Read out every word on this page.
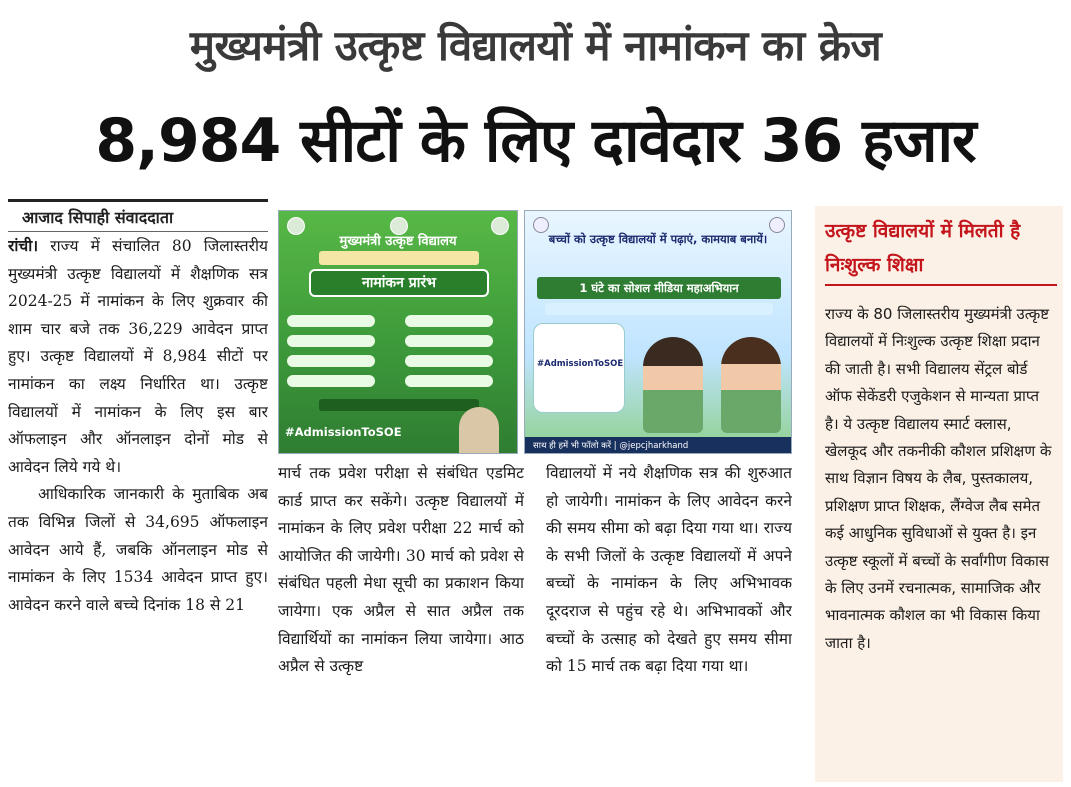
मुख्यमंत्री उत्कृष्ट विद्यालयों में नामांकन का क्रेज
8,984 सीटों के लिए दावेदार 36 हजार
आजाद सिपाही संवाददाता

रांची। राज्य में संचालित 80 जिलास्तरीय मुख्यमंत्री उत्कृष्ट विद्यालयों में शैक्षणिक सत्र 2024-25 में नामांकन के लिए शुक्रवार की शाम चार बजे तक 36,229 आवेदन प्राप्त हुए। उत्कृष्ट विद्यालयों में 8,984 सीटों पर नामांकन का लक्ष्य निर्धारित था। उत्कृष्ट विद्यालयों में नामांकन के लिए इस बार ऑफलाइन और ऑनलाइन दोनों मोड से आवेदन लिये गये थे।

आधिकारिक जानकारी के मुताबिक अब तक विभिन्न जिलों से 34,695 ऑफलाइन आवेदन आये हैं, जबकि ऑनलाइन मोड से नामांकन के लिए 1534 आवेदन प्राप्त हुए। आवेदन करने वाले बच्चे दिनांक 18 से 21

मुख्यमंत्री उत्कृष्ट विद्यालय
नामांकन प्रारंभ
#AdmissionToSOE
बच्चों को उत्कृष्ट विद्यालयों में पढ़ाएं, कामयाब बनायें।
1 घंटे का सोशल मीडिया महाअभियान
#AdmissionToSOE
साथ ही हमें भी फॉलो करें | @jepcjharkhand

मार्च तक प्रवेश परीक्षा से संबंधित एडमिट कार्ड प्राप्त कर सकेंगे। उत्कृष्ट विद्यालयों में नामांकन के लिए प्रवेश परीक्षा 22 मार्च को आयोजित की जायेगी। 30 मार्च को प्रवेश से संबंधित पहली मेधा सूची का प्रकाशन किया जायेगा। एक अप्रैल से सात अप्रैल तक विद्यार्थियों का नामांकन लिया जायेगा। आठ अप्रैल से उत्कृष्ट

विद्यालयों में नये शैक्षणिक सत्र की शुरुआत हो जायेगी। नामांकन के लिए आवेदन करने की समय सीमा को बढ़ा दिया गया था। राज्य के सभी जिलों के उत्कृष्ट विद्यालयों में अपने बच्चों के नामांकन के लिए अभिभावक दूरदराज से पहुंच रहे थे। अभिभावकों और बच्चों के उत्साह को देखते हुए समय सीमा को 15 मार्च तक बढ़ा दिया गया था।

उत्कृष्ट विद्यालयों में मिलती है निःशुल्क शिक्षा

राज्य के 80 जिलास्तरीय मुख्यमंत्री उत्कृष्ट विद्यालयों में निःशुल्क उत्कृष्ट शिक्षा प्रदान की जाती है। सभी विद्यालय सेंट्रल बोर्ड ऑफ सेकेंडरी एजुकेशन से मान्यता प्राप्त है। ये उत्कृष्ट विद्यालय स्मार्ट क्लास, खेलकूद और तकनीकी कौशल प्रशिक्षण के साथ विज्ञान विषय के लैब, पुस्तकालय, प्रशिक्षण प्राप्त शिक्षक, लैंग्वेज लैब समेत कई आधुनिक सुविधाओं से युक्त है। इन उत्कृष्ट स्कूलों में बच्चों के सर्वांगीण विकास के लिए उनमें रचनात्मक, सामाजिक और भावनात्मक कौशल का भी विकास किया जाता है।
